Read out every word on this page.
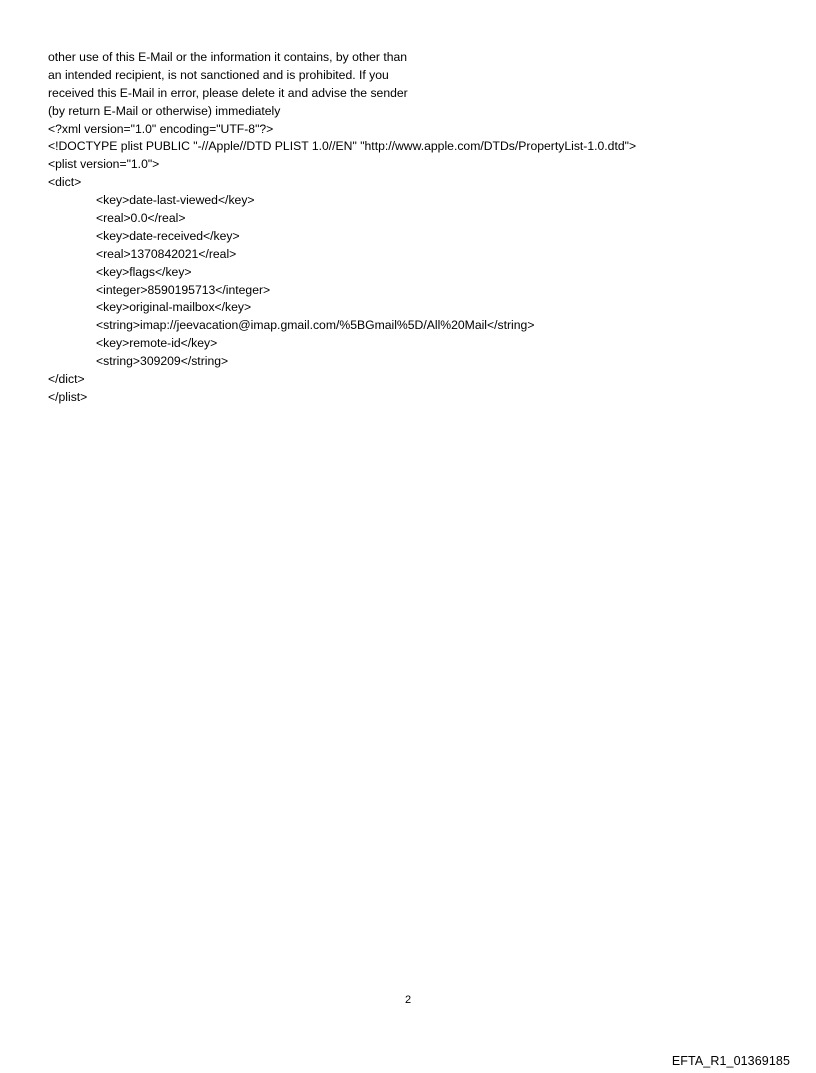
other use of this E-Mail or the information it contains, by other than
an intended recipient, is not sanctioned and is prohibited. If you
received this E-Mail in error, please delete it and advise the sender
(by return E-Mail or otherwise) immediately
<?xml version="1.0" encoding="UTF-8"?>
<!DOCTYPE plist PUBLIC "-//Apple//DTD PLIST 1.0//EN" "http://www.apple.com/DTDs/PropertyList-1.0.dtd">
<plist version="1.0">
<dict>
<key>date-last-viewed</key>
<real>0.0</real>
<key>date-received</key>
<real>1370842021</real>
<key>flags</key>
<integer>8590195713</integer>
<key>original-mailbox</key>
<string>imap://jeevacation@imap.gmail.com/%5BGmail%5D/All%20Mail</string>
<key>remote-id</key>
<string>309209</string>
</dict>
</plist>
2
EFTA_R1_01369185
